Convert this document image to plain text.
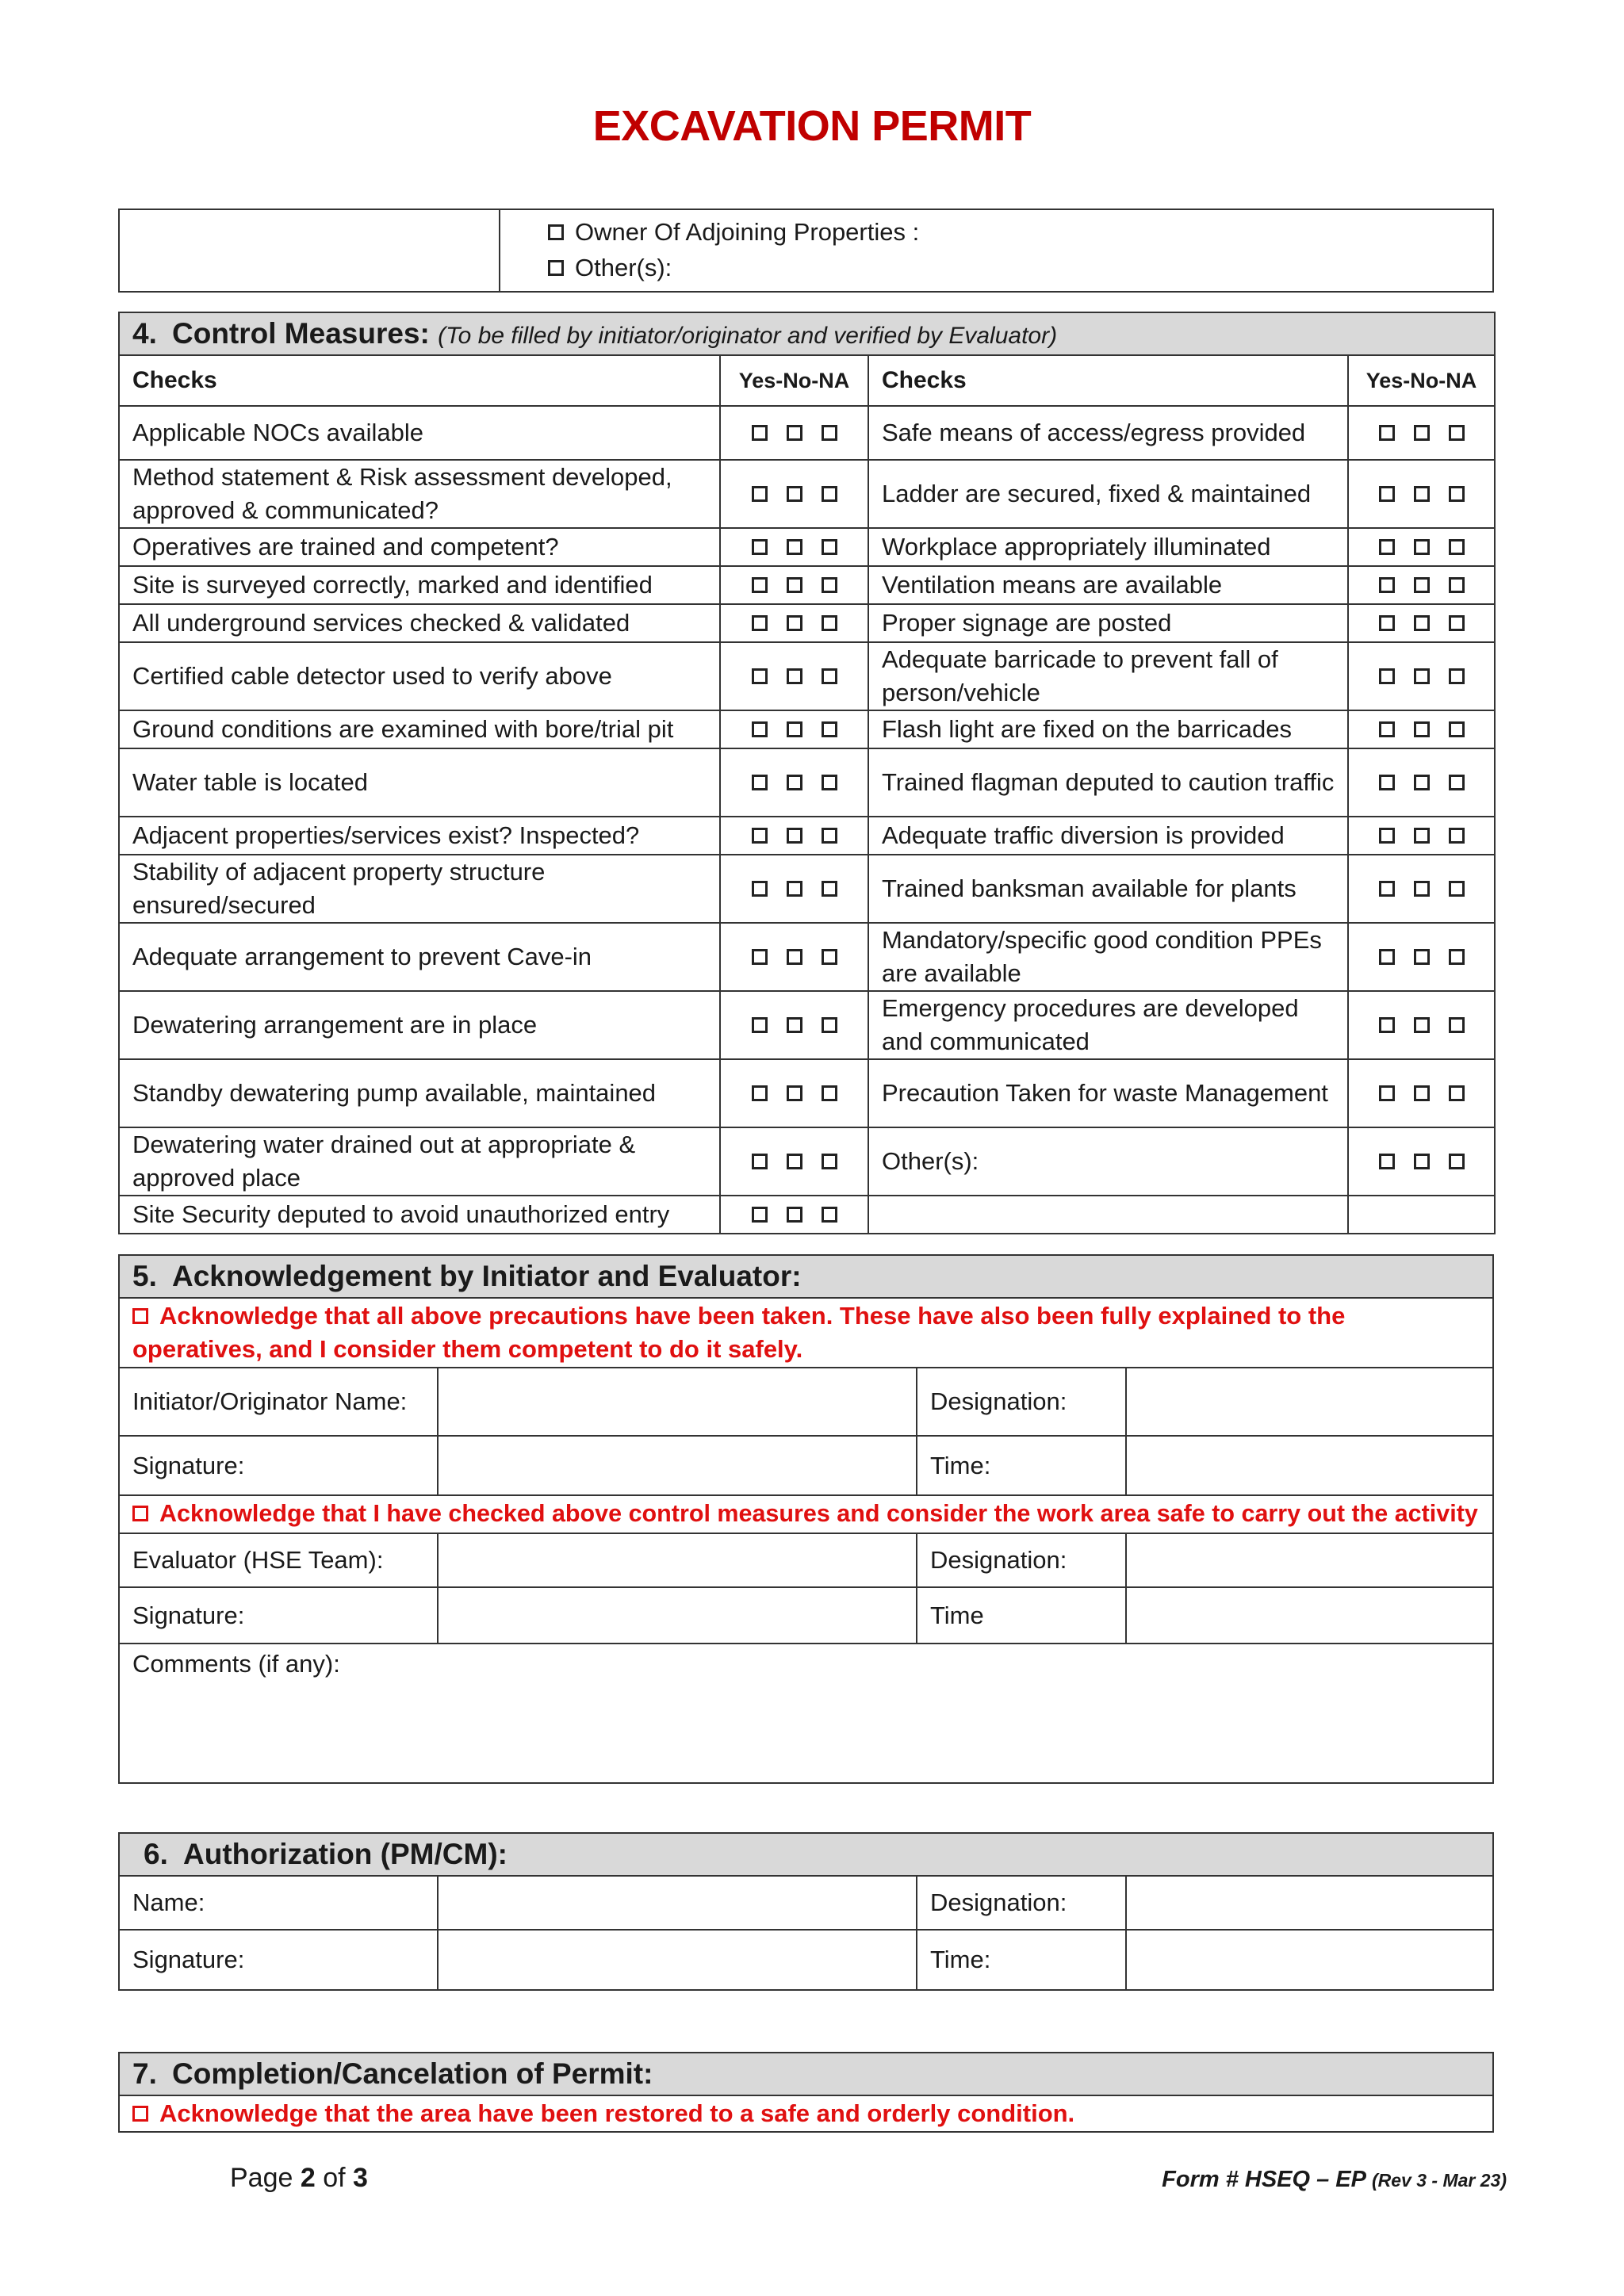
EXCAVATION PERMIT

Owner Of Adjoining Properties :
Other(s):
4. Control Measures: (To be filled by initiator/originator and verified by Evaluator)			
Checks	Yes-No-NA	Checks	Yes-No-NA
Applicable NOCs available		Safe means of access/egress provided	
Method statement & Risk assessment developed, approved & communicated?		Ladder are secured, fixed & maintained	
Operatives are trained and competent?		Workplace appropriately illuminated	
Site is surveyed correctly, marked and identified		Ventilation means are available	
All underground services checked & validated		Proper signage are posted	
Certified cable detector used to verify above		Adequate barricade to prevent fall of person/vehicle	
Ground conditions are examined with bore/trial pit		Flash light are fixed on the barricades	
Water table is located		Trained flagman deputed to caution traffic	
Adjacent properties/services exist? Inspected?		Adequate traffic diversion is provided	
Stability of adjacent property structure ensured/secured		Trained banksman available for plants	
Adequate arrangement to prevent Cave-in		Mandatory/specific good condition PPEs are available	
Dewatering arrangement are in place		Emergency procedures are developed and communicated	
Standby dewatering pump available, maintained		Precaution Taken for waste Management	
Dewatering water drained out at appropriate & approved place		Other(s):	
Site Security deputed to avoid unauthorized entry			
5. Acknowledgement by Initiator and Evaluator:			
Acknowledge that all above precautions have been taken. These have also been fully explained to the operatives, and I consider them competent to do it safely.			
Initiator/Originator Name:		Designation:	
Signature:		Time:	
Acknowledge that I have checked above control measures and consider the work area safe to carry out the activity			
Evaluator (HSE Team):		Designation:	
Signature:		Time	
Comments (if any):			
6. Authorization (PM/CM):			
Name:		Designation:	
Signature:		Time:	
7. Completion/Cancelation of Permit:
Acknowledge that the area have been restored to a safe and orderly condition.
Page 2 of 3	Form # HSEQ – EP (Rev 3 - Mar 23)
